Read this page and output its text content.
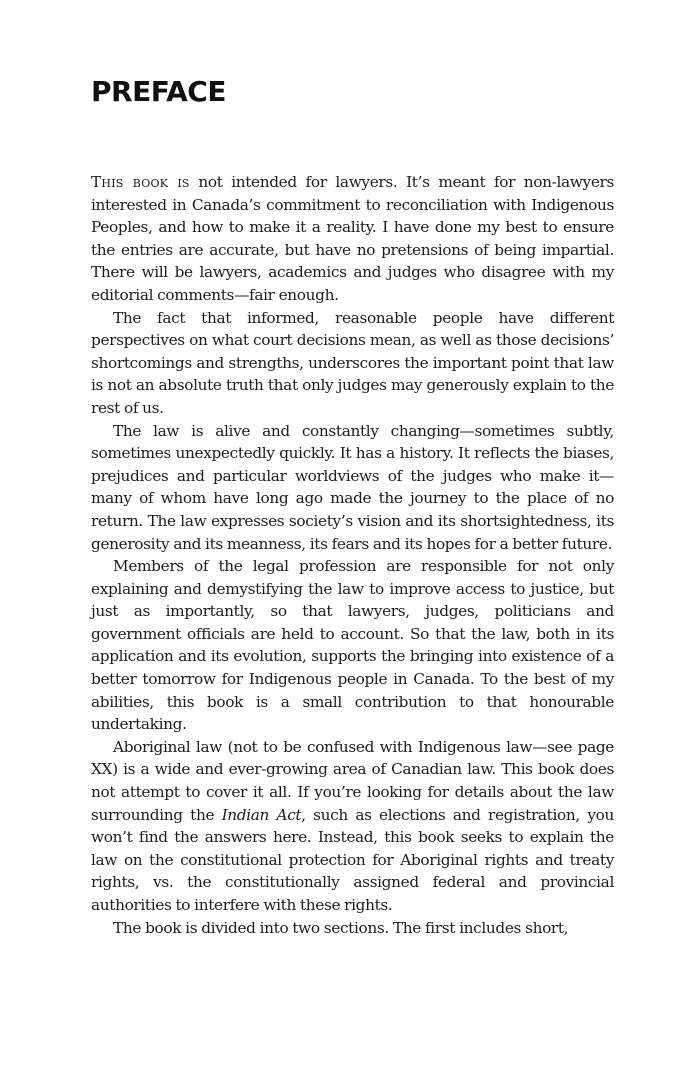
PREFACE

This book is not intended for lawyers. It’s meant for non-lawyers interested in Canada’s commitment to reconciliation with Indigenous Peoples, and how to make it a reality. I have done my best to ensure the entries are accurate, but have no pretensions of being impartial. There will be lawyers, academics and judges who disagree with my editorial comments—fair enough.

The fact that informed, reasonable people have different perspectives on what court decisions mean, as well as those decisions’ shortcomings and strengths, underscores the important point that law is not an absolute truth that only judges may generously explain to the rest of us.

The law is alive and constantly changing—sometimes subtly, sometimes unexpectedly quickly. It has a history. It reflects the biases, prejudices and particular worldviews of the judges who make it—many of whom have long ago made the journey to the place of no return. The law expresses society’s vision and its shortsightedness, its generosity and its meanness, its fears and its hopes for a better future.

Members of the legal profession are responsible for not only explaining and demystifying the law to improve access to justice, but just as importantly, so that lawyers, judges, politicians and government officials are held to account. So that the law, both in its application and its evolution, supports the bringing into existence of a better tomorrow for Indigenous people in Canada. To the best of my abilities, this book is a small contribution to that honourable undertaking.

Aboriginal law (not to be confused with Indigenous law—see page XX) is a wide and ever-growing area of Canadian law. This book does not attempt to cover it all. If you’re looking for details about the law surrounding the Indian Act, such as elections and registration, you won’t find the answers here. Instead, this book seeks to explain the law on the constitutional protection for Aboriginal rights and treaty rights, vs. the constitutionally assigned federal and provincial authorities to interfere with these rights.

The book is divided into two sections. The first includes short,
